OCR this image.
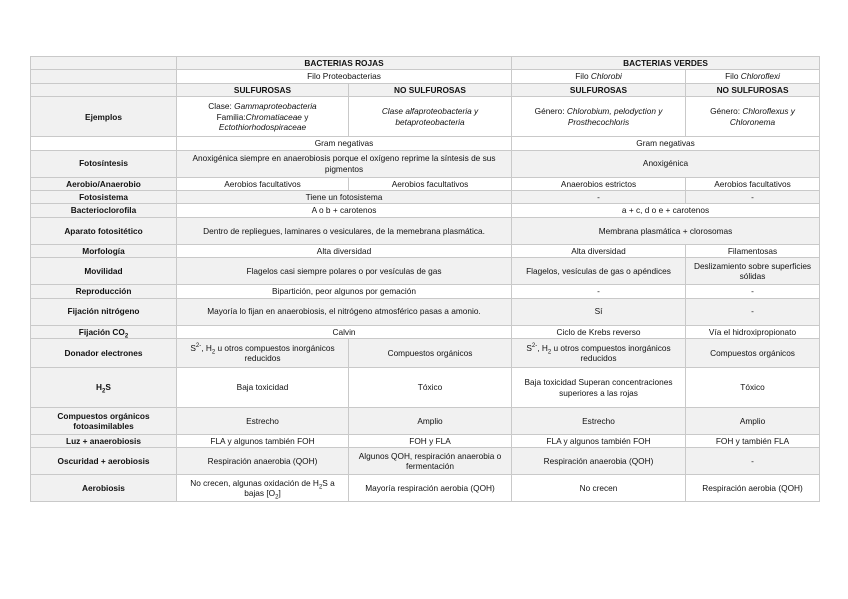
	BACTERIAS ROJAS		BACTERIAS VERDES	
	Filo Proteobacterias		Filo Chlorobi	Filo Chloroflexi
	SULFUROSAS	NO SULFUROSAS	SULFUROSAS	NO SULFUROSAS
Ejemplos	Clase: Gammaproteobacteria
Familia:Chromatiaceae y
Ectothiorhodospiraceae	Clase alfaproteobacteria y betaproteobacteria	Género: Chlorobium, pelodyction y Prosthecochloris	Género: Chloroflexus y Chloronema
	Gram negativas		Gram negativas	
Fotosíntesis	Anoxigénica siempre en anaerobiosis porque el oxígeno reprime la síntesis de sus pigmentos		Anoxigénica	
Aerobio/Anaerobio	Aerobios facultativos	Aerobios facultativos	Anaerobios estrictos	Aerobios facultativos
Fotosistema	Tiene un fotosistema		-	-
Bacterioclorofila	A o b + carotenos		a + c, d o e + carotenos	
Aparato fotositético	Dentro de repliegues, laminares o vesiculares, de la memebrana plasmática.		Membrana plasmática + clorosomas	
Morfología	Alta diversidad		Alta diversidad	Filamentosas
Movilidad	Flagelos casi siempre polares o por vesículas de gas		Flagelos, vesículas de gas o apéndices	Deslizamiento sobre superficies sólidas
Reproducción	Bipartición, peor algunos por gemación		-	-
Fijación nitrógeno	Mayoría lo fijan en anaerobiosis, el nitrógeno atmosférico pasas a amonio.		Sí	-
Fijación $CO_2$	Calvin		Ciclo de Krebs reverso	Vía el hidroxipropionato
Donador electrones	$S^{2-}$, $H_2$ u otros compuestos inorgánicos reducidos	Compuestos orgánicos	$S^{2-}$, $H_2$ u otros compuestos inorgánicos reducidos	Compuestos orgánicos
$H_2S$	Baja toxicidad	Tóxico	Baja toxicidad Superan concentraciones superiores a las rojas	Tóxico
Compuestos orgánicos fotoasimilables	Estrecho	Amplio	Estrecho	Amplio
Luz + anaerobiosis	FLA y algunos también FOH	FOH y FLA	FLA y algunos también FOH	FOH y también FLA
Oscuridad + aerobiosis	Respiración anaerobia (QOH)	Algunos QOH, respiración anaerobia o fermentación	Respiración anaerobia (QOH)	-
Aerobiosis	No crecen, algunas oxidación de $H_2S$ a bajas $[O_2]$	Mayoría respiración aerobia (QOH)	No crecen	Respiración aerobia (QOH)
